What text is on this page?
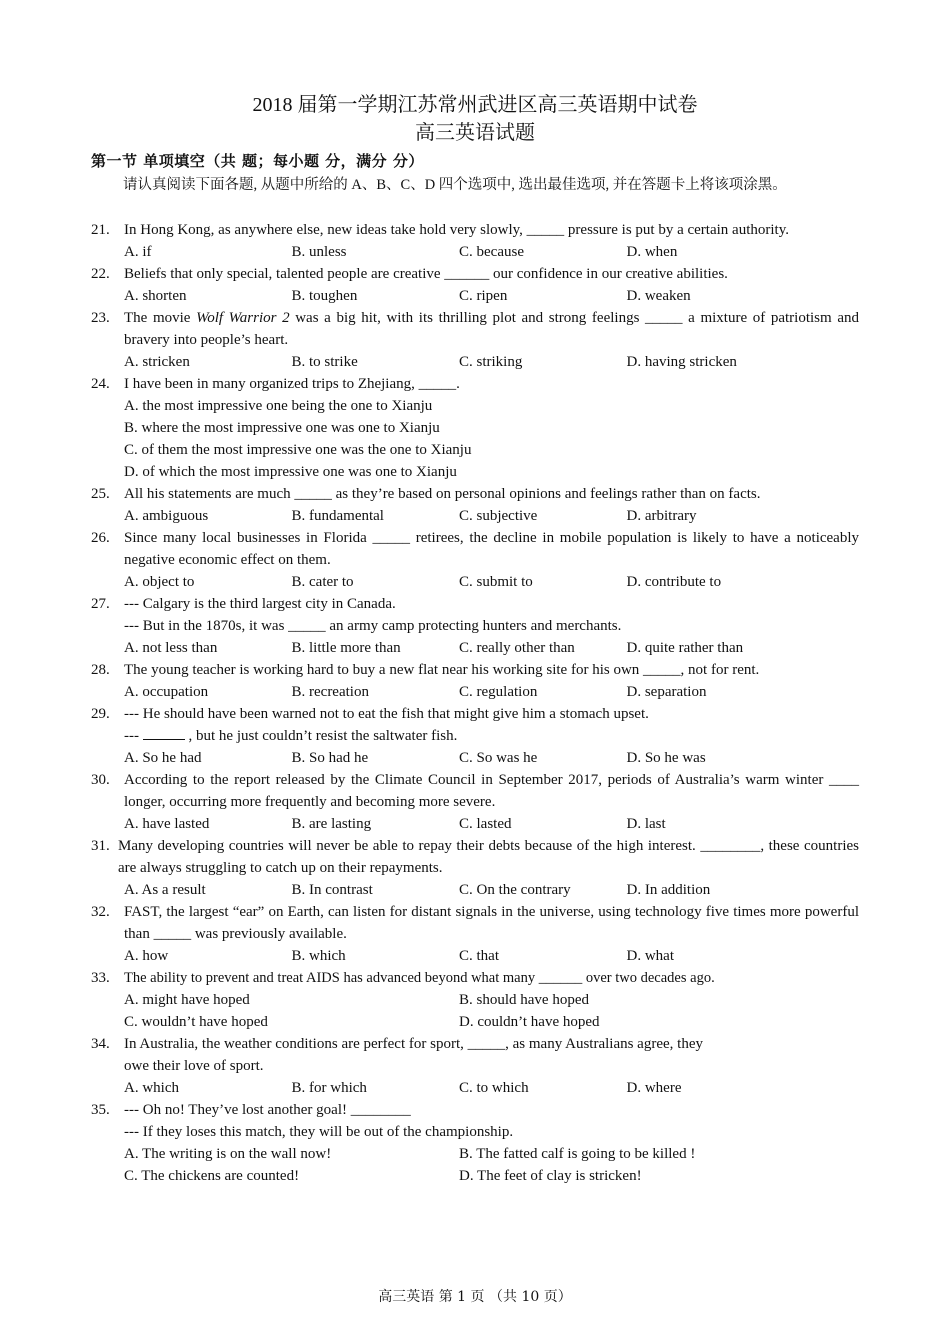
2018 届第一学期江苏常州武进区高三英语期中试卷
高三英语试题
第一节 单项填空（共 题；每小题 分，满分 分）
请认真阅读下面各题, 从题中所给的 A、B、C、D 四个选项中, 选出最佳选项, 并在答题卡上将该项涂黑。
21. In Hong Kong, as anywhere else, new ideas take hold very slowly, _____ pressure is put by a certain authority.
A. if	B. unless	C. because	D. when
22. Beliefs that only special, talented people are creative ______ our confidence in our creative abilities.
A. shorten	B. toughen	C. ripen	D. weaken
23. The movie Wolf Warrior 2 was a big hit, with its thrilling plot and strong feelings _____ a mixture of patriotism and bravery into people’s heart.
A. stricken	B. to strike	C. striking	D. having stricken
24. I have been in many organized trips to Zhejiang, _____.
A. the most impressive one being the one to Xianju
B. where the most impressive one was one to Xianju
C. of them the most impressive one was the one to Xianju
D. of which the most impressive one was one to Xianju
25. All his statements are much _____ as they’re based on personal opinions and feelings rather than on facts.
A. ambiguous	B. fundamental	C. subjective	D. arbitrary
26. Since many local businesses in Florida _____ retirees, the decline in mobile population is likely to have a noticeably negative economic effect on them.
A. object to	B. cater to	C. submit to	D. contribute to
27. --- Calgary is the third largest city in Canada.
--- But in the 1870s, it was _____ an army camp protecting hunters and merchants.
A. not less than	B. little more than	C. really other than	D. quite rather than
28. The young teacher is working hard to buy a new flat near his working site for his own _____, not for rent.
A. occupation	B. recreation	C. regulation	D. separation
29. --- He should have been warned not to eat the fish that might give him a stomach upset.
---	, but he just couldn’t resist the saltwater fish.
A. So he had	B. So had he	C. So was he	D. So he was
30. According to the report released by the Climate Council in September 2017, periods of Australia’s warm winter ____ longer, occurring more frequently and becoming more severe.
A. have lasted	B. are lasting	C. lasted	D. last
31. Many developing countries will never be able to repay their debts because of the high interest. ________, these countries are always struggling to catch up on their repayments.
A. As a result	B. In contrast	C. On the contrary	D. In addition
32. FAST, the largest “ear” on Earth, can listen for distant signals in the universe, using technology five times more powerful than _____ was previously available.
A. how	B. which	C. that	D. what
33. The ability to prevent and treat AIDS has advanced beyond what many ______ over two decades ago.
A. might have hoped	B. should have hoped
C. wouldn’t have hoped	D. couldn’t have hoped
34. In Australia, the weather conditions are perfect for sport, _____, as many Australians agree, they
owe their love of sport.
A. which	B. for which	C. to which	D. where
35. --- Oh no! They’ve lost another goal! ________
--- If they loses this match, they will be out of the championship.
A. The writing is on the wall now!	B. The fatted calf is going to be killed !
C. The chickens are counted!	D. The feet of clay is stricken!
高三英语 第 1 页 （共 10 页）
